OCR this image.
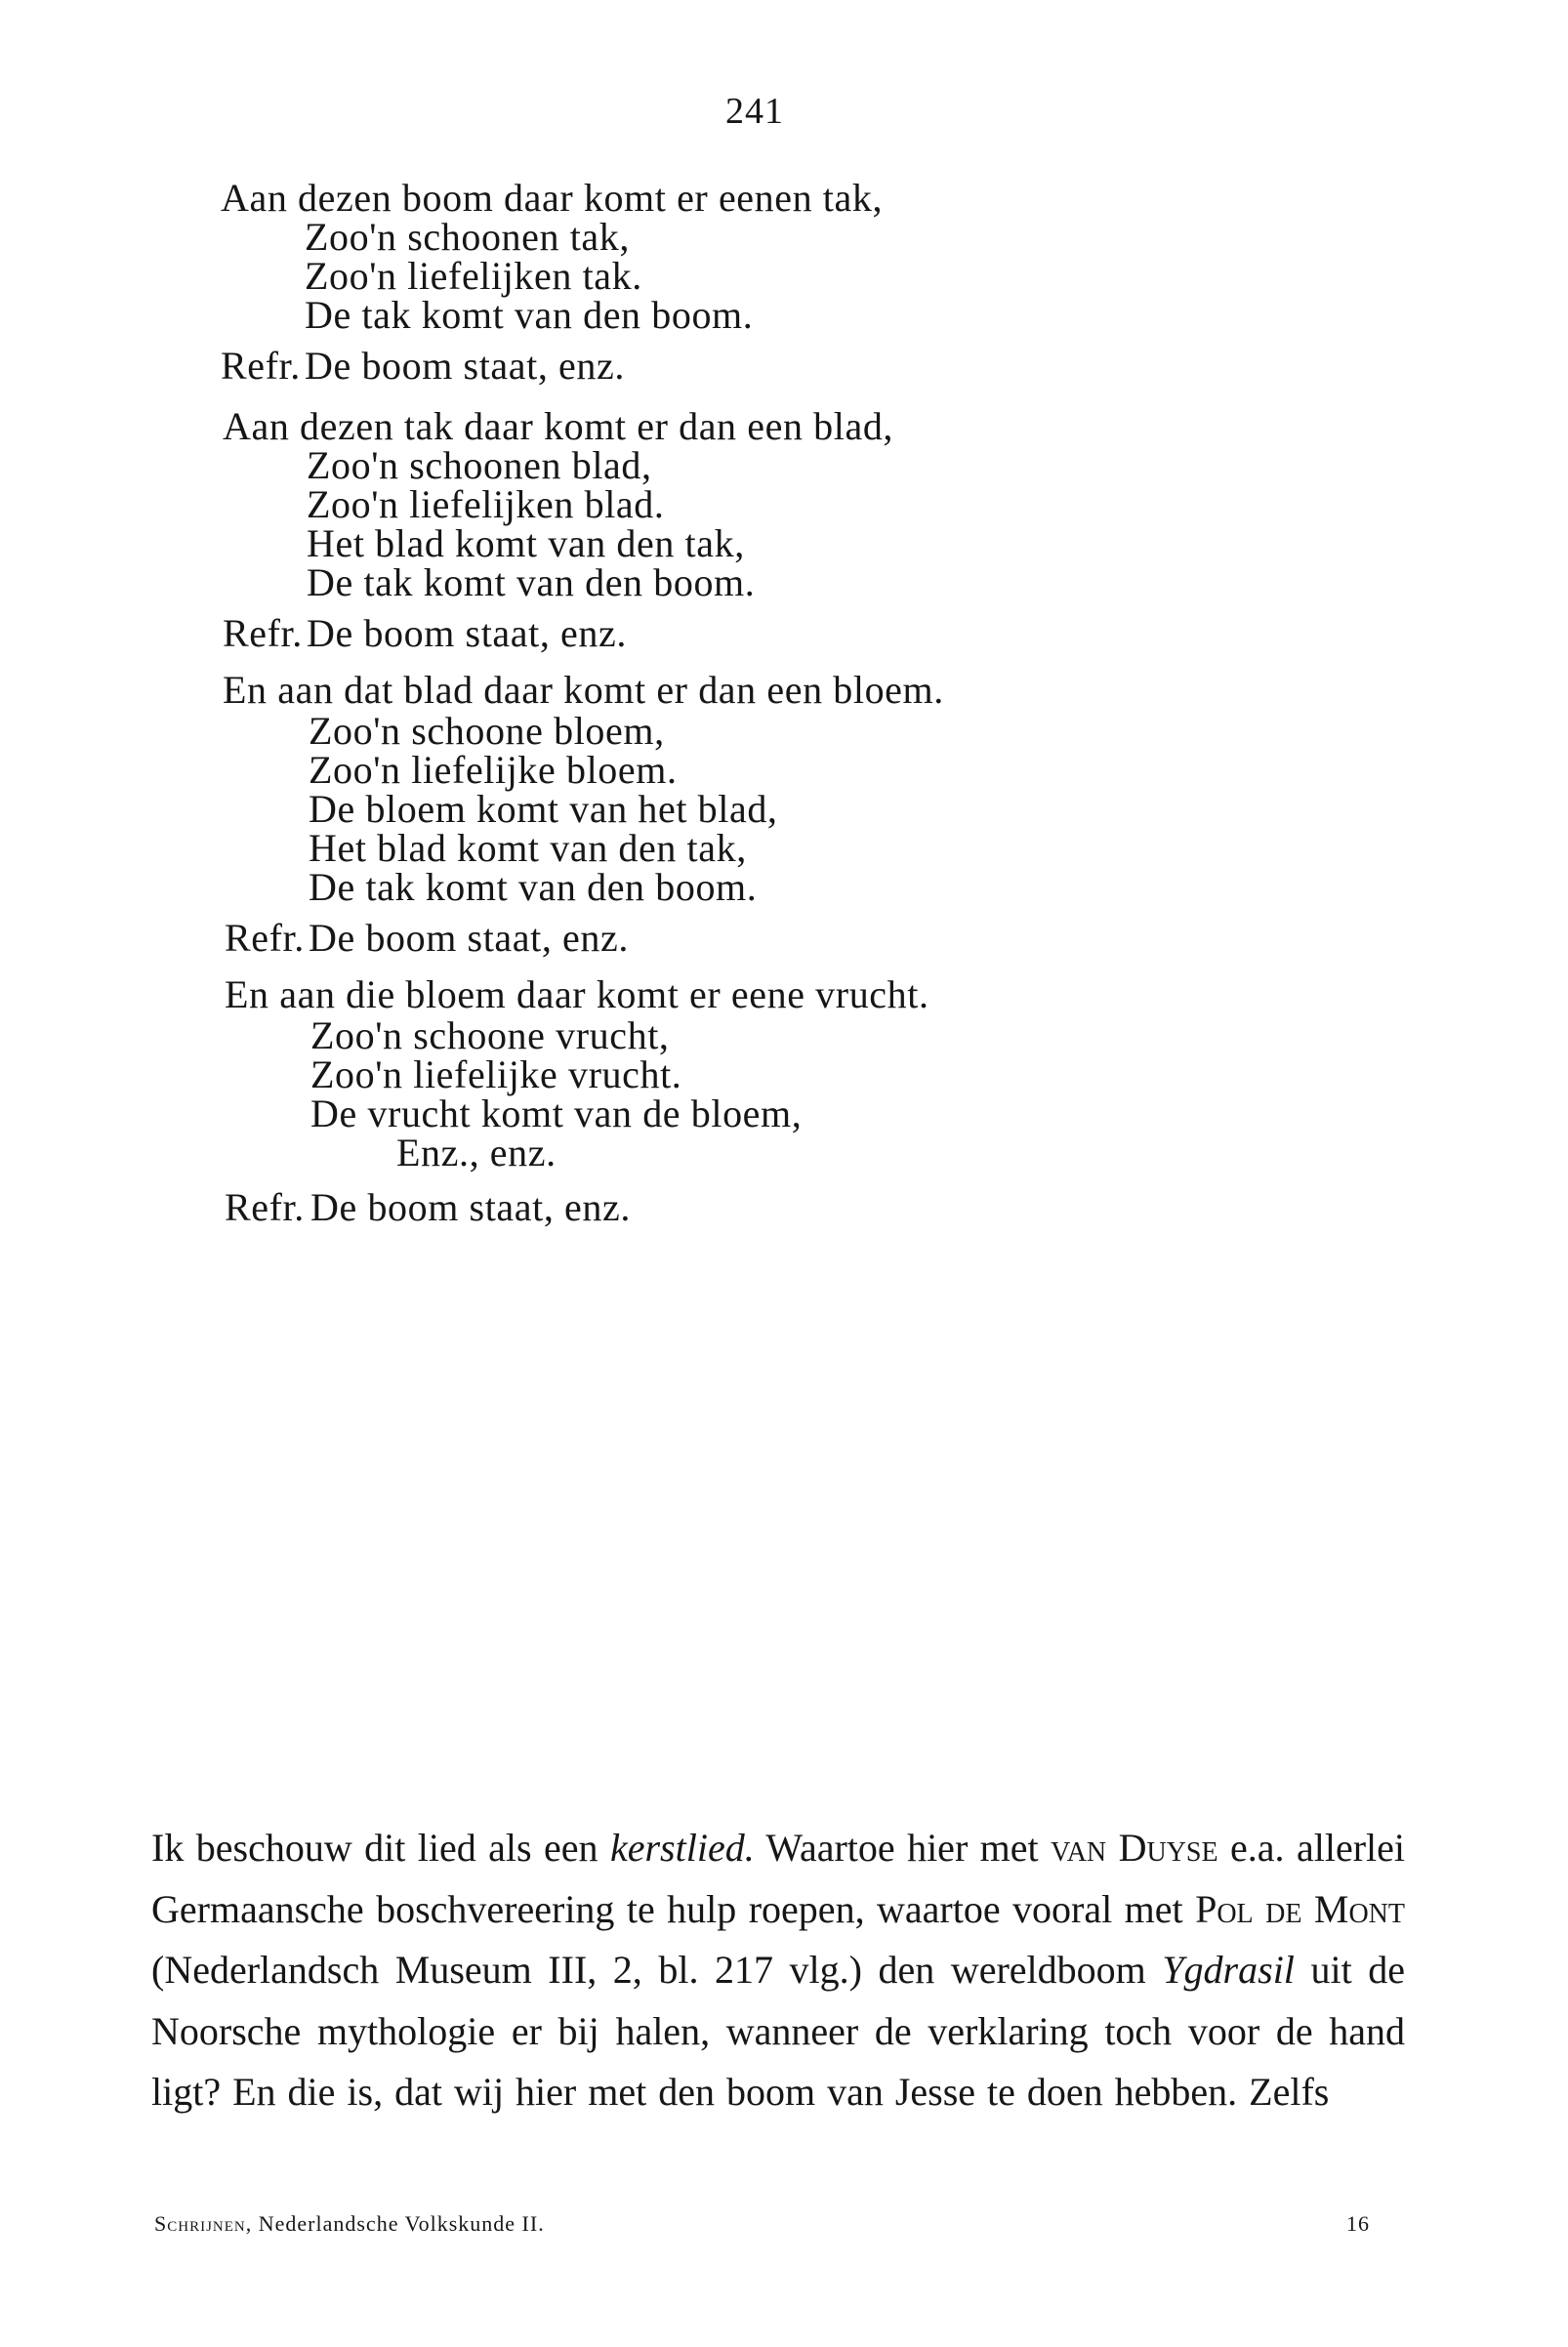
241
Aan dezen boom daar komt er eenen tak,
Zoo'n schoonen tak,
Zoo'n liefelijken tak.
De tak komt van den boom.
Refr. De boom staat, enz.
Aan dezen tak daar komt er dan een blad,
Zoo'n schoonen blad,
Zoo'n liefelijken blad.
Het blad komt van den tak,
De tak komt van den boom.
Refr. De boom staat, enz.
En aan dat blad daar komt er dan een bloem.
Zoo'n schoone bloem,
Zoo'n liefelijke bloem.
De bloem komt van het blad,
Het blad komt van den tak,
De tak komt van den boom.
Refr. De boom staat, enz.
En aan die bloem daar komt er eene vrucht.
Zoo'n schoone vrucht,
Zoo'n liefelijke vrucht.
De vrucht komt van de bloem,
Enz., enz.
Refr. De boom staat, enz.
Ik beschouw dit lied als een kerstlied. Waartoe hier met van Duyse e.a. allerlei Germaansche boschvereering te hulp roepen, waartoe vooral met Pol de Mont (Nederlandsch Museum III, 2, bl. 217 vlg.) den wereldboom Ygdrasil uit de Noorsche mythologie er bij halen, wanneer de verklaring toch voor de hand ligt? En die is, dat wij hier met den boom van Jesse te doen hebben. Zelfs
Schrijnen, Nederlandsche Volkskunde II.	16
